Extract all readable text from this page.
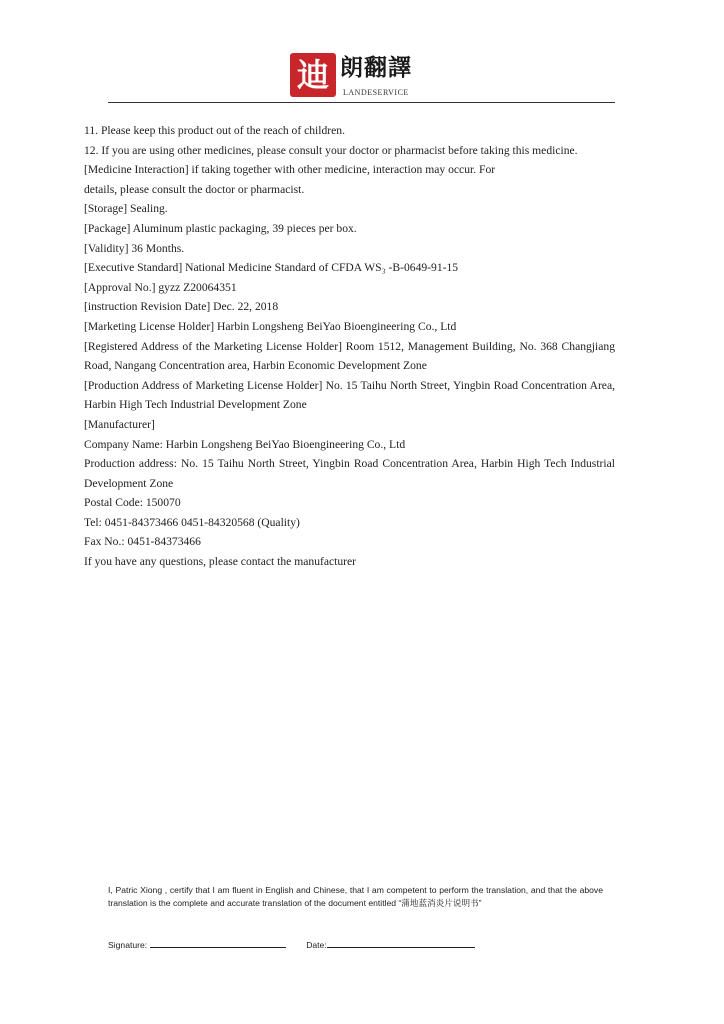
迪 朗翻譯
LANDESERVICE

11. Please keep this product out of the reach of children.

12. If you are using other medicines, please consult your doctor or pharmacist before taking this medicine.

[Medicine Interaction] if taking together with other medicine, interaction may occur. For

details, please consult the doctor or pharmacist.

[Storage] Sealing.

[Package] Aluminum plastic packaging, 39 pieces per box.

[Validity] 36 Months.

[Executive Standard] National Medicine Standard of CFDA WS₃ -B-0649-91-15

[Approval No.] gyzz Z20064351

[instruction Revision Date] Dec. 22, 2018

[Marketing License Holder] Harbin Longsheng BeiYao Bioengineering Co., Ltd

[Registered Address of the Marketing License Holder] Room 1512, Management Building, No. 368 Changjiang Road, Nangang Concentration area, Harbin Economic Development Zone

[Production Address of Marketing License Holder] No. 15 Taihu North Street, Yingbin Road Concentration Area, Harbin High Tech Industrial Development Zone

[Manufacturer]

Company Name: Harbin Longsheng BeiYao Bioengineering Co., Ltd

Production address: No. 15 Taihu North Street, Yingbin Road Concentration Area, Harbin High Tech Industrial Development Zone

Postal Code: 150070

Tel: 0451-84373466 0451-84320568 (Quality)

Fax No.: 0451-84373466

If you have any questions, please contact the manufacturer

I, Patric Xiong , certify that I am fluent in English and Chinese, that I am competent to perform the translation, and that the above translation is the complete and accurate translation of the document entitled “蒲地蓝消炎片说明书”
Signature:	Date:
